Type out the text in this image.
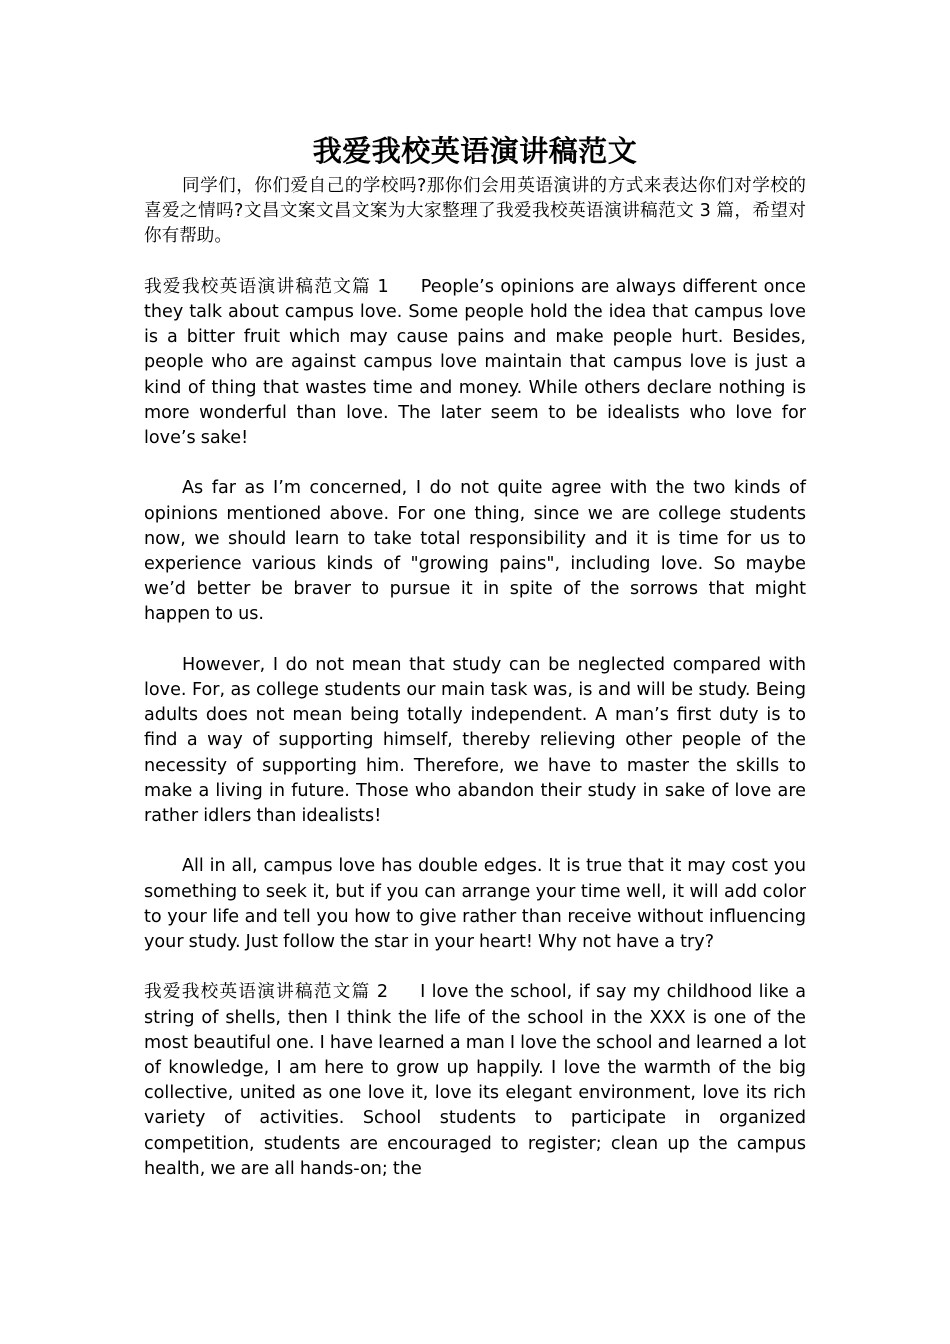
我爱我校英语演讲稿范文

同学们，你们爱自己的学校吗?那你们会用英语演讲的方式来表达你们对学校的喜爱之情吗?文昌文案文昌文案为大家整理了我爱我校英语演讲稿范文 3 篇，希望对你有帮助。

我爱我校英语演讲稿范文篇 1 People’s opinions are always different once they talk about campus love. Some people hold the idea that campus love is a bitter fruit which may cause pains and make people hurt. Besides, people who are against campus love maintain that campus love is just a kind of thing that wastes time and money. While others declare nothing is more wonderful than love. The later seem to be idealists who love for love’s sake!

As far as I’m concerned, I do not quite agree with the two kinds of opinions mentioned above. For one thing, since we are college students now, we should learn to take total responsibility and it is time for us to experience various kinds of "growing pains", including love. So maybe we’d better be braver to pursue it in spite of the sorrows that might happen to us.

However, I do not mean that study can be neglected compared with love. For, as college students our main task was, is and will be study. Being adults does not mean being totally independent. A man’s first duty is to find a way of supporting himself, thereby relieving other people of the necessity of supporting him. Therefore, we have to master the skills to make a living in future. Those who abandon their study in sake of love are rather idlers than idealists!

All in all, campus love has double edges. It is true that it may cost you something to seek it, but if you can arrange your time well, it will add color to your life and tell you how to give rather than receive without influencing your study. Just follow the star in your heart! Why not have a try?

我爱我校英语演讲稿范文篇 2 I love the school, if say my childhood like a string of shells, then I think the life of the school in the XXX is one of the most beautiful one. I have learned a man I love the school and learned a lot of knowledge, I am here to grow up happily. I love the warmth of the big collective, united as one love it, love its elegant environment, love its rich variety of activities. School students to participate in organized competition, students are encouraged to register; clean up the campus health, we are all hands-on; the
